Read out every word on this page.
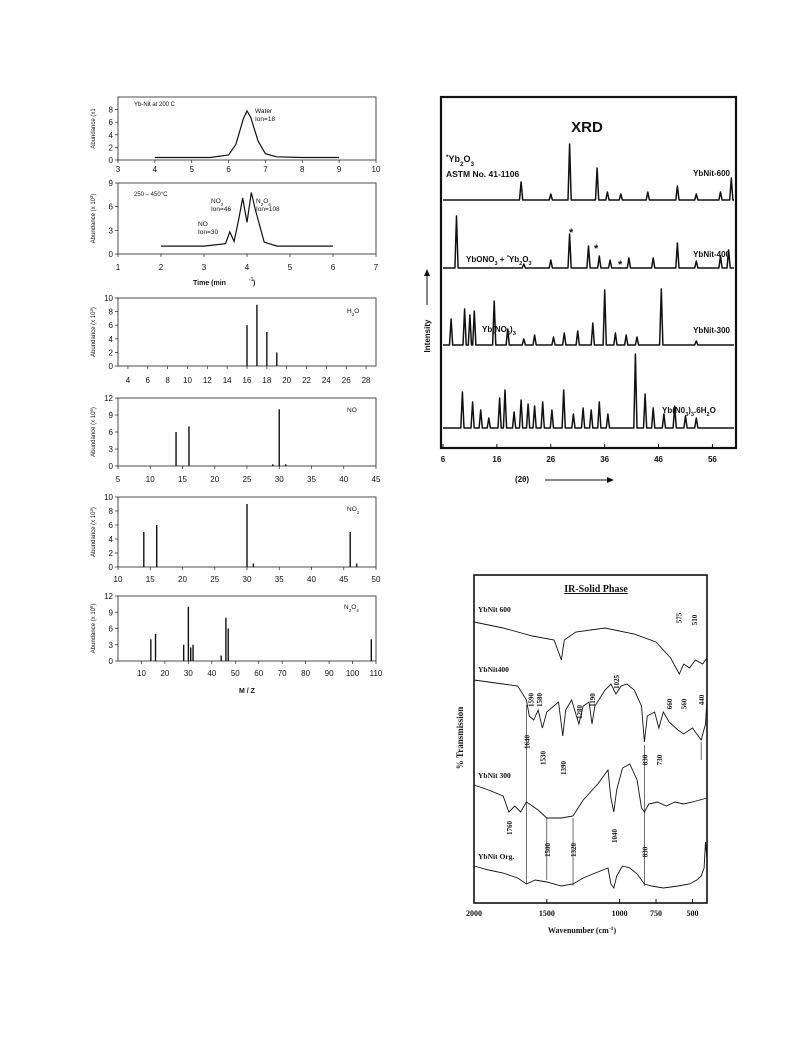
3	4	5	6	7	8	9	10
0
2
4
6
8
Abundance (x1
1	2	3	4	5	6	7
0
3
6
9
Abundance (x $10^3$)
4 6 8 10 12 14 16 18 20 22 24 26 28
0
2
4
6
8
10
Abundance (x $10^3$)
5	10	15	20	25	30	35	40	45
0
3
6
9
12
Abundance (x $10^6$)
10	15	20	25	30	35	40	45	50
0
2
4
6
8
10
Abundance (x $10^3$)
10 20 30 40 50 60 70 80 90 100 110
0
3
6
9
12
Abundance (x $10^6$)
Yb-Nit at 200 C
Water
Ion=18
250 – 450°C
$NO_2$
Ion=46
$N_2O_4$
Ion=108
NO
Ion=30
Time (min	-1 )
$H_2O$
NO
$NO_2$
$N_2O_4$
M / Z
XRD
6	16	26	36	46	56
(2θ)
Intensity
$^*Yb_2O_3$
ASTM No. 41-1106	YbNit-600
YbNit-400
YbONO$_3$ + $^*Yb_2O_3$
YbNit-300
$Yb(NO_3)_3$
$Yb(N0_3)_3.6H_2O$
*
*
*
IR-Solid Phase
2000	1500	1000	750	500
Wavenumber $(cm^{-1})$
% Transmission
YbNit 600
YbNit400
YbNit 300
YbNit Org.
575 510
1590 1580
1280
1190
1025
660 560 440
1640
1530
1390
830 730
1760
1500	1320
1040
830
